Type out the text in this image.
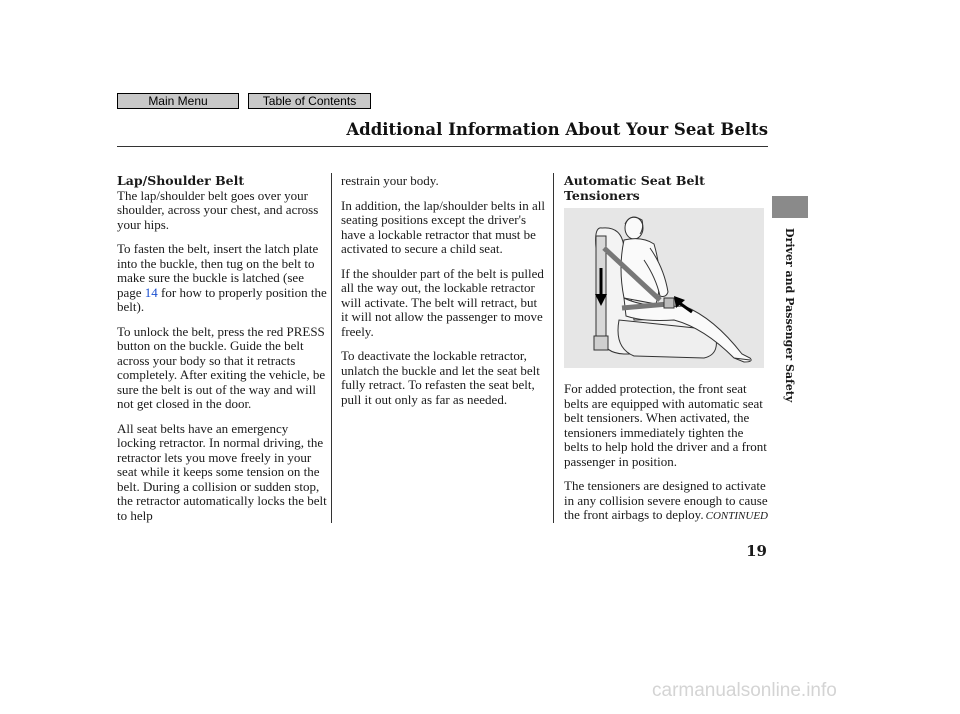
Main Menu	Table of Contents
Additional Information About Your Seat Belts
Lap/Shoulder Belt

The lap/shoulder belt goes over your shoulder, across your chest, and across your hips.

To fasten the belt, insert the latch plate into the buckle, then tug on the belt to make sure the buckle is latched (see page 14 for how to properly position the belt).

To unlock the belt, press the red PRESS button on the buckle. Guide the belt across your body so that it retracts completely. After exiting the vehicle, be sure the belt is out of the way and will not get closed in the door.

All seat belts have an emergency locking retractor. In normal driving, the retractor lets you move freely in your seat while it keeps some tension on the belt. During a collision or sudden stop, the retractor automatically locks the belt to help

restrain your body.

In addition, the lap/shoulder belts in all seating positions except the driver's have a lockable retractor that must be activated to secure a child seat.

If the shoulder part of the belt is pulled all the way out, the lockable retractor will activate. The belt will retract, but it will not allow the passenger to move freely.

To deactivate the lockable retractor, unlatch the buckle and let the seat belt fully retract. To refasten the seat belt, pull it out only as far as needed.

Automatic Seat Belt Tensioners

For added protection, the front seat belts are equipped with automatic seat belt tensioners. When activated, the tensioners immediately tighten the belts to help hold the driver and a front passenger in position.

The tensioners are designed to activate in any collision severe enough to cause the front airbags to deploy. CONTINUED
19
Driver and Passenger Safety
carmanualsonline.info
